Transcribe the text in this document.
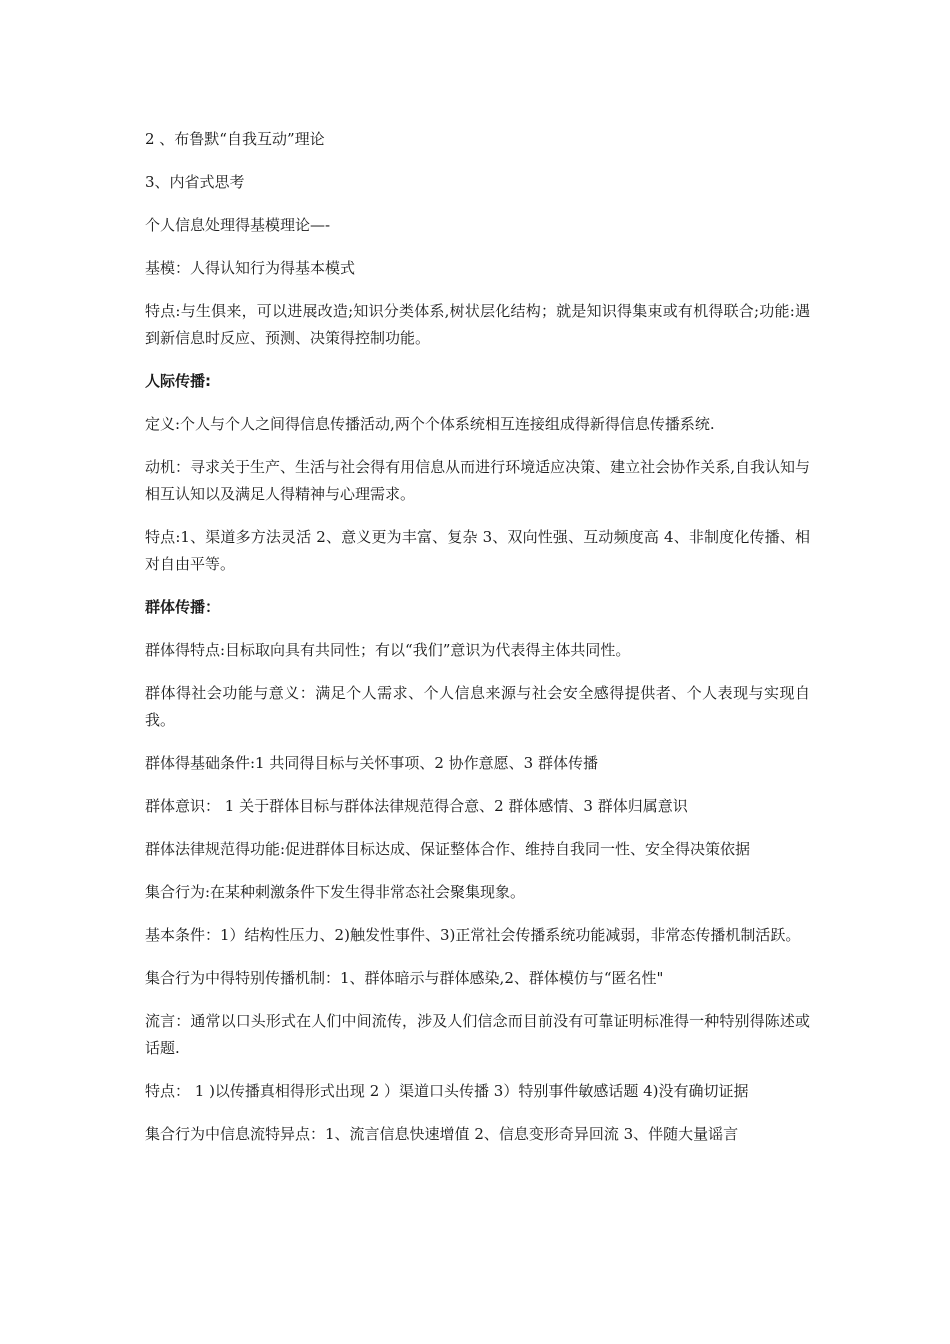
2 、布鲁默“自我互动”理论

3、内省式思考

个人信息处理得基模理论—-

基模：人得认知行为得基本模式

特点:与生俱来，可以进展改造;知识分类体系,树状层化结构；就是知识得集束或有机得联合;功能:遇到新信息时反应、预测、决策得控制功能。

人际传播:

定义:个人与个人之间得信息传播活动,两个个体系统相互连接组成得新得信息传播系统.

动机：寻求关于生产、生活与社会得有用信息从而进行环境适应决策、建立社会协作关系,自我认知与相互认知以及满足人得精神与心理需求。

特点:1、渠道多方法灵活 2、意义更为丰富、复杂 3、双向性强、互动频度高 4、非制度化传播、相对自由平等。

群体传播：

群体得特点:目标取向具有共同性；有以“我们”意识为代表得主体共同性。

群体得社会功能与意义：满足个人需求、个人信息来源与社会安全感得提供者、个人表现与实现自我。

群体得基础条件:1 共同得目标与关怀事项、2 协作意愿、3 群体传播

群体意识： 1 关于群体目标与群体法律规范得合意、2 群体感情、3 群体归属意识

群体法律规范得功能:促进群体目标达成、保证整体合作、维持自我同一性、安全得决策依据

集合行为:在某种刺激条件下发生得非常态社会聚集现象。

基本条件：1）结构性压力、2)触发性事件、3)正常社会传播系统功能减弱，非常态传播机制活跃。

集合行为中得特别传播机制：1、群体暗示与群体感染,2、群体模仿与“匿名性"

流言：通常以口头形式在人们中间流传，涉及人们信念而目前没有可靠证明标准得一种特别得陈述或话题.

特点： 1 )以传播真相得形式出现 2 ）渠道口头传播 3）特别事件敏感话题 4)没有确切证据

集合行为中信息流特异点：1、流言信息快速增值 2、信息变形奇异回流 3、伴随大量谣言
